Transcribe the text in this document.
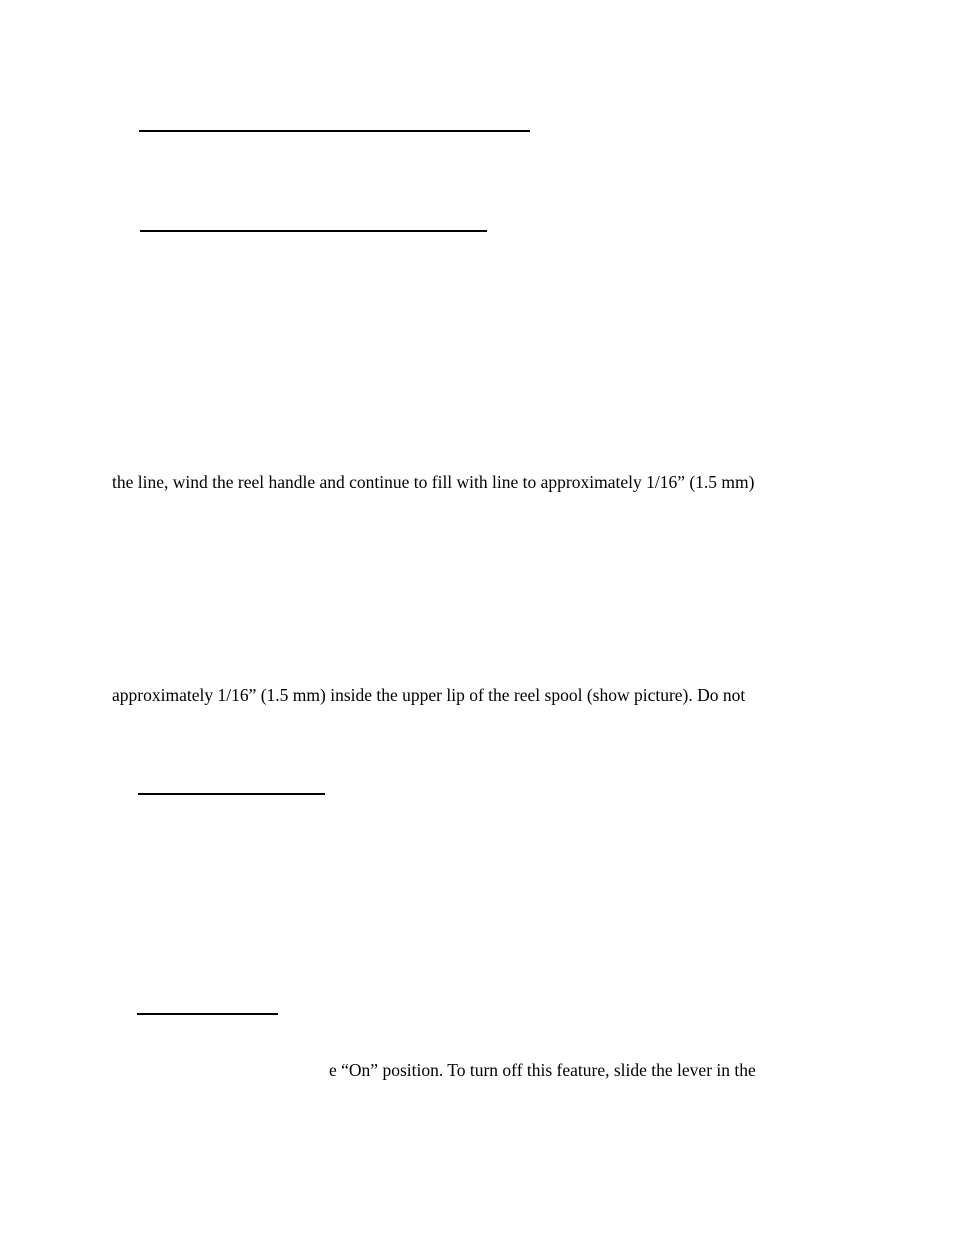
the line, wind the reel handle and continue to fill with line to approximately 1/16” (1.5 mm)
approximately 1/16” (1.5 mm) inside the upper lip of the reel spool (show picture). Do not
e “On” position. To turn off this feature, slide the lever in the
